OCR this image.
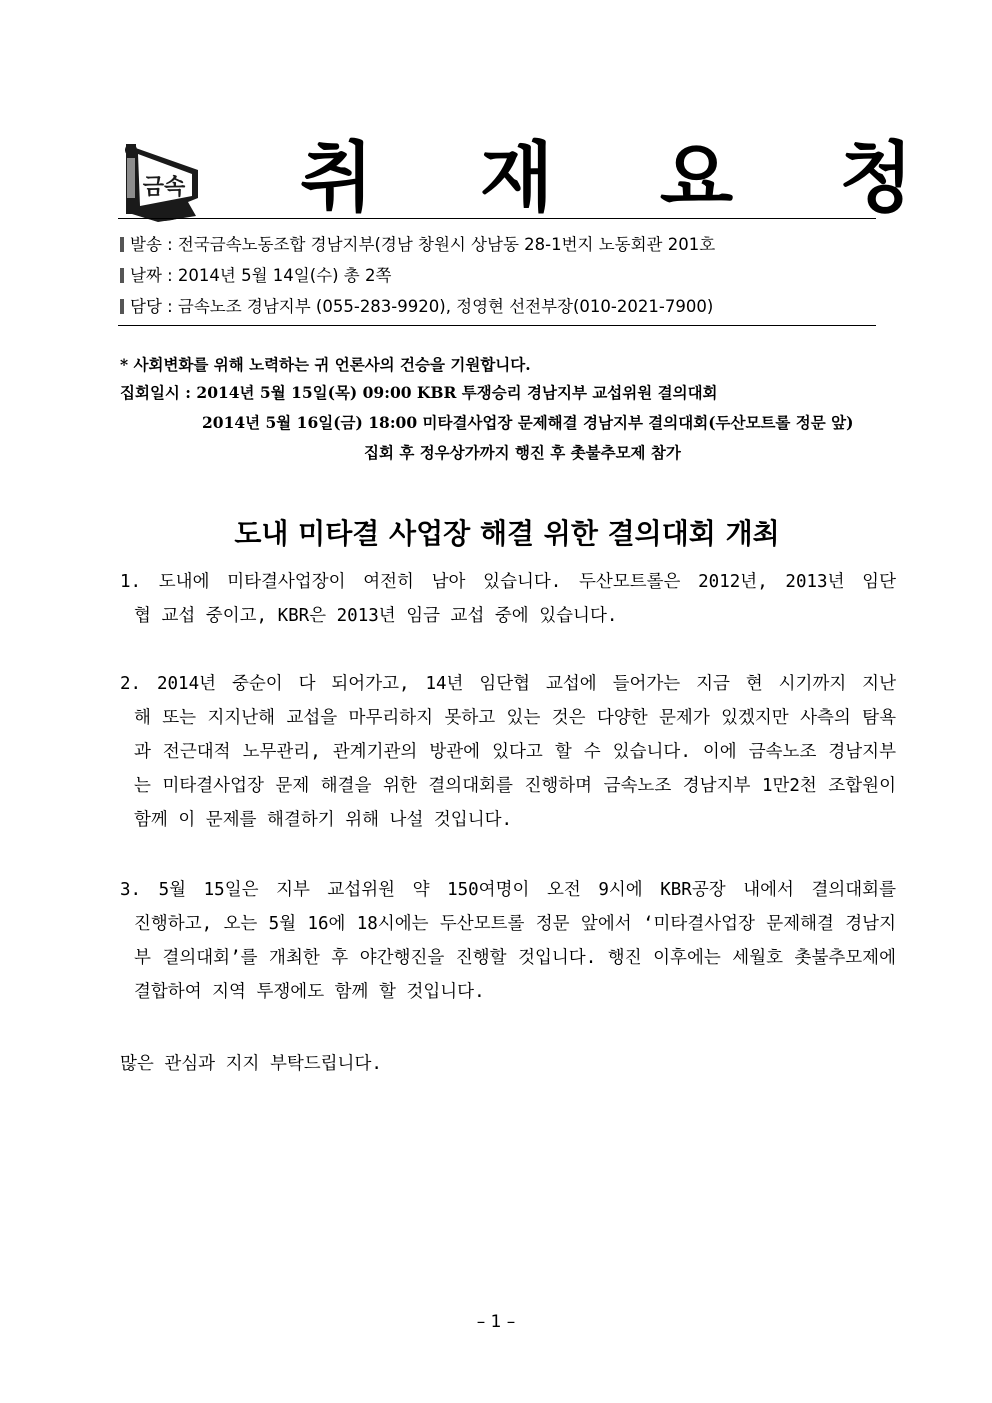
금속 취 재 요 청
발송 : 전국금속노동조합 경남지부(경남 창원시 상남동 28-1번지 노동회관 201호
날짜 : 2014년 5월 14일(수) 총 2쪽
담당 : 금속노조 경남지부 (055-283-9920), 정영현 선전부장(010-2021-7900)
* 사회변화를 위해 노력하는 귀 언론사의 건승을 기원합니다.
집회일시 : 2014년 5월 15일(목) 09:00 KBR 투쟁승리 경남지부 교섭위원 결의대회
2014년 5월 16일(금) 18:00 미타결사업장 문제해결 경남지부 결의대회(두산모트롤 정문 앞)
집회 후 정우상가까지 행진 후 촛불추모제 참가
도내 미타결 사업장 해결 위한 결의대회 개최
1. 도내에 미타결사업장이 여전히 남아 있습니다. 두산모트롤은 2012년, 2013년 임단
협 교섭 중이고, KBR은 2013년 임금 교섭 중에 있습니다.
2. 2014년 중순이 다 되어가고, 14년 임단협 교섭에 들어가는 지금 현 시기까지 지난
해 또는 지지난해 교섭을 마무리하지 못하고 있는 것은 다양한 문제가 있겠지만 사측의 탐욕과 전근대적 노무관리, 관계기관의 방관에 있다고 할 수 있습니다. 이에 금속노조 경남지부는 미타결사업장 문제 해결을 위한 결의대회를 진행하며 금속노조 경남지부 1만2천 조합원이 함께 이 문제를 해결하기 위해 나설 것입니다.
3. 5월 15일은 지부 교섭위원 약 150여명이 오전 9시에 KBR공장 내에서 결의대회를
진행하고, 오는 5월 16에 18시에는 두산모트롤 정문 앞에서 ‘미타결사업장 문제해결 경남지부 결의대회’를 개최한 후 야간행진을 진행할 것입니다. 행진 이후에는 세월호 촛불추모제에 결합하여 지역 투쟁에도 함께 할 것입니다.
많은 관심과 지지 부탁드립니다.
– 1 –
